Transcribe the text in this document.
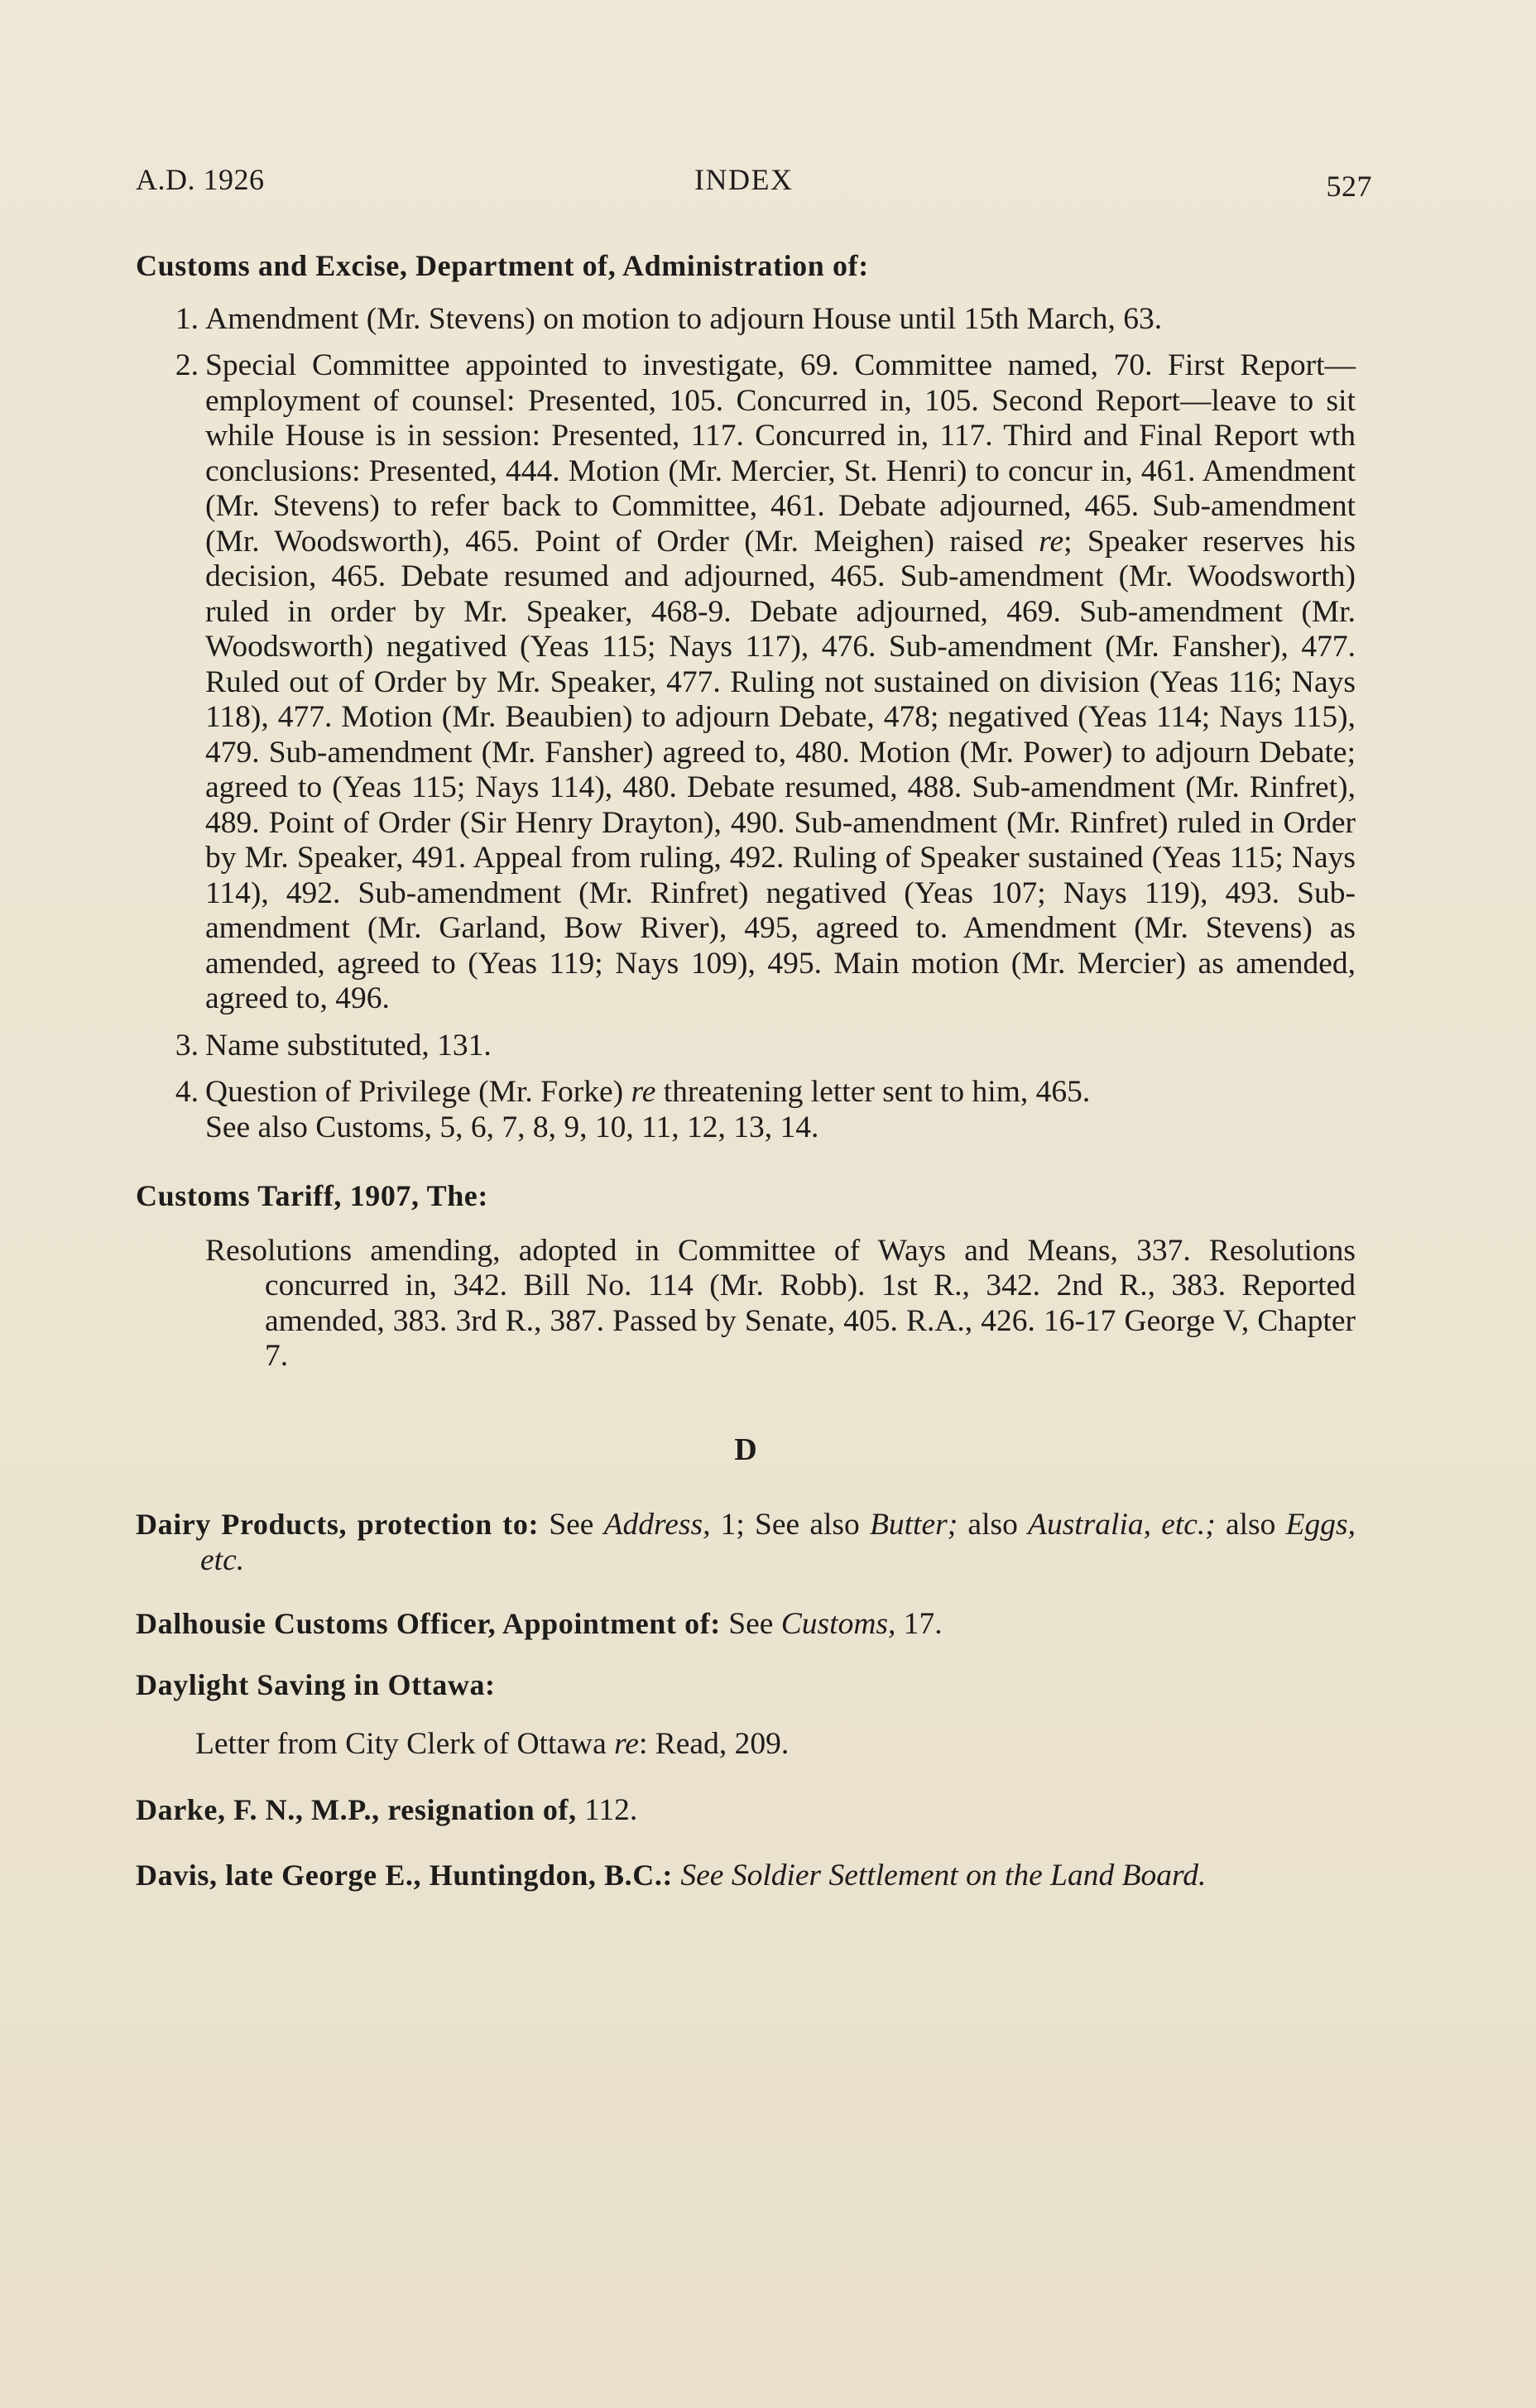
A.D. 1926	INDEX	527

Customs and Excise, Department of, Administration of:

1. Amendment (Mr. Stevens) on motion to adjourn House until 15th March, 63.
2. Special Committee appointed to investigate, 69. Committee named, 70. First Report—employment of counsel: Presented, 105. Concurred in, 105. Second Report—leave to sit while House is in session: Presented, 117. Concurred in, 117. Third and Final Report wth conclusions: Presented, 444. Motion (Mr. Mercier, St. Henri) to concur in, 461. Amendment (Mr. Stevens) to refer back to Committee, 461. Debate adjourned, 465. Sub-amendment (Mr. Woodsworth), 465. Point of Order (Mr. Meighen) raised re; Speaker reserves his decision, 465. Debate resumed and adjourned, 465. Sub-amendment (Mr. Woodsworth) ruled in order by Mr. Speaker, 468-9. Debate adjourned, 469. Sub-amendment (Mr. Woodsworth) negatived (Yeas 115; Nays 117), 476. Sub-amendment (Mr. Fansher), 477. Ruled out of Order by Mr. Speaker, 477. Ruling not sustained on division (Yeas 116; Nays 118), 477. Motion (Mr. Beaubien) to adjourn Debate, 478; negatived (Yeas 114; Nays 115), 479. Sub-amendment (Mr. Fansher) agreed to, 480. Motion (Mr. Power) to adjourn Debate; agreed to (Yeas 115; Nays 114), 480. Debate resumed, 488. Sub-amendment (Mr. Rinfret), 489. Point of Order (Sir Henry Drayton), 490. Sub-amendment (Mr. Rinfret) ruled in Order by Mr. Speaker, 491. Appeal from ruling, 492. Ruling of Speaker sustained (Yeas 115; Nays 114), 492. Sub-amendment (Mr. Rinfret) negatived (Yeas 107; Nays 119), 493. Sub-amendment (Mr. Garland, Bow River), 495, agreed to. Amendment (Mr. Stevens) as amended, agreed to (Yeas 119; Nays 109), 495. Main motion (Mr. Mercier) as amended, agreed to, 496.
3. Name substituted, 131.
4. Question of Privilege (Mr. Forke) re threatening letter sent to him, 465.
See also Customs, 5, 6, 7, 8, 9, 10, 11, 12, 13, 14.

Customs Tariff, 1907, The:

Resolutions amending, adopted in Committee of Ways and Means, 337. Resolutions concurred in, 342. Bill No. 114 (Mr. Robb). 1st R., 342. 2nd R., 383. Reported amended, 383. 3rd R., 387. Passed by Senate, 405. R.A., 426. 16-17 George V, Chapter 7.

D

Dairy Products, protection to: See Address, 1; See also Butter; also Australia, etc.; also Eggs, etc.

Dalhousie Customs Officer, Appointment of: See Customs, 17.

Daylight Saving in Ottawa:

Letter from City Clerk of Ottawa re: Read, 209.

Darke, F. N., M.P., resignation of, 112.

Davis, late George E., Huntingdon, B.C.: See Soldier Settlement on the Land Board.
